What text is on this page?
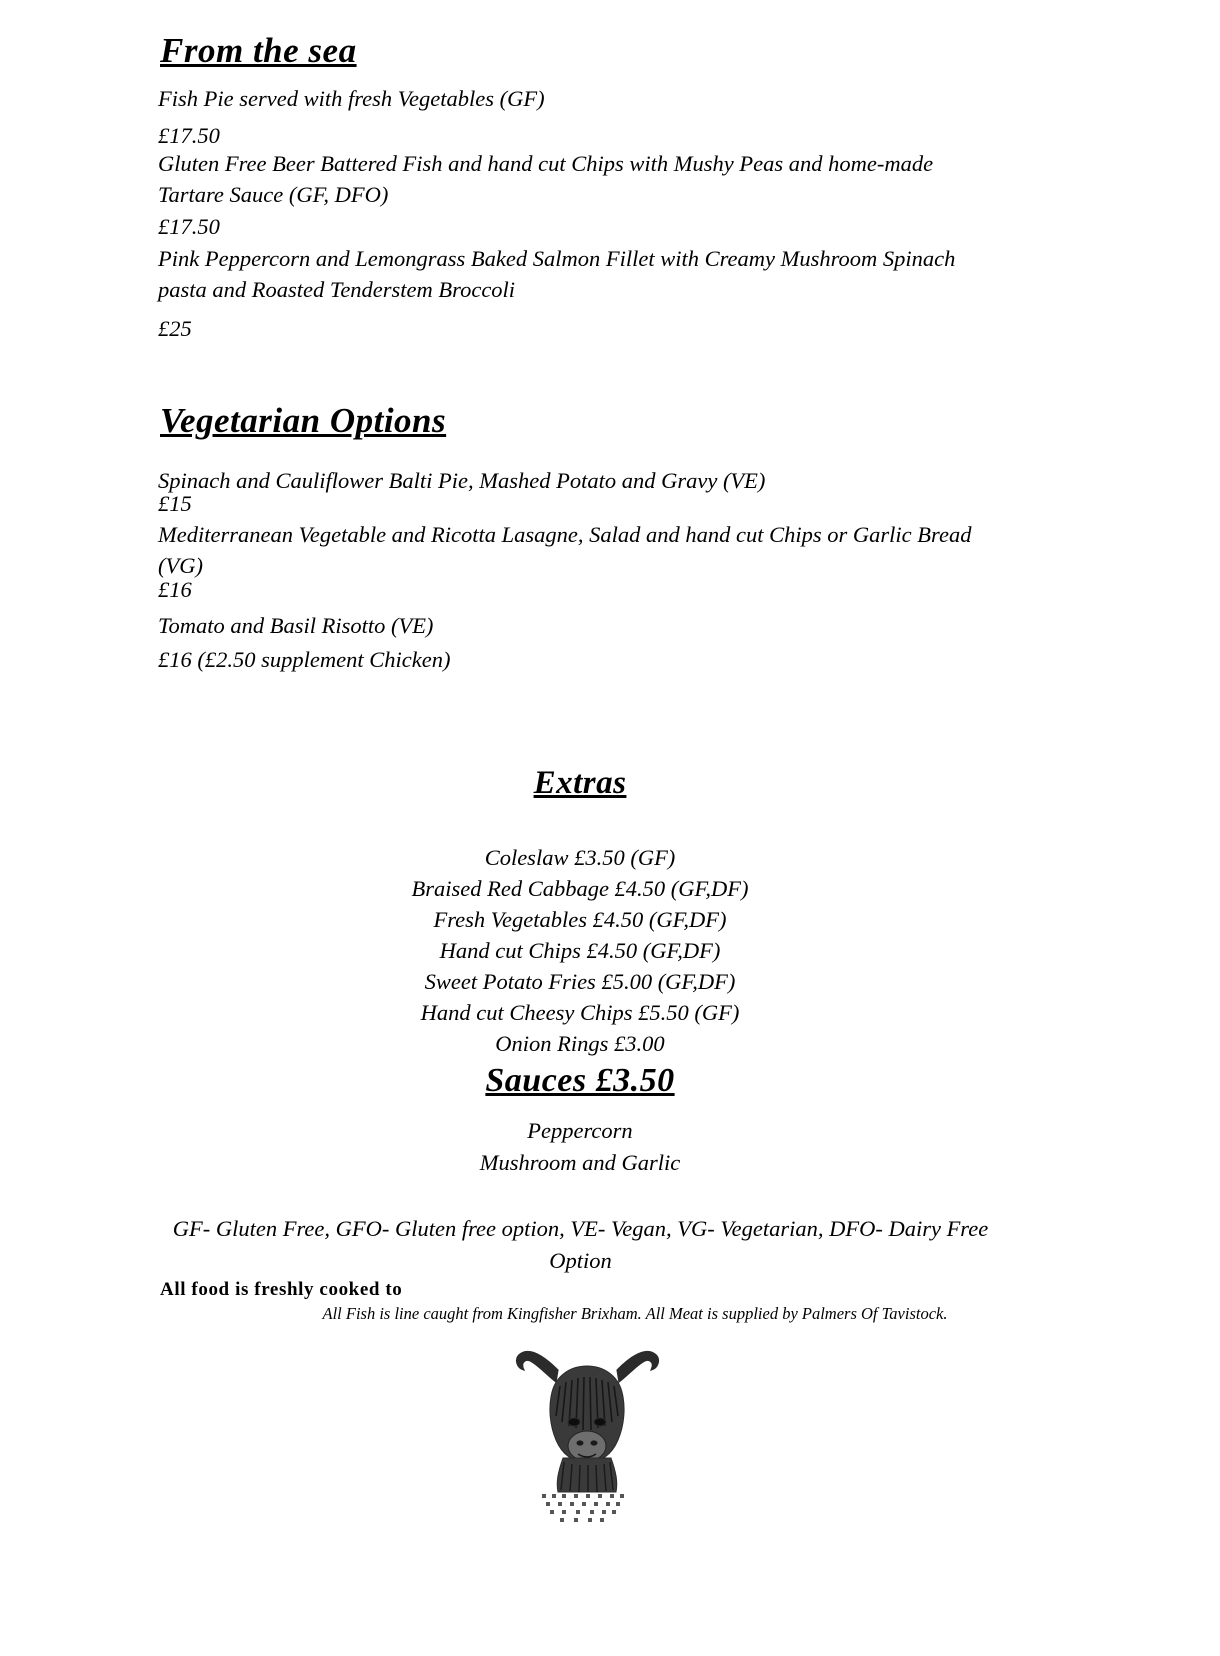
From the sea
Fish Pie served with fresh Vegetables (GF)
£17.50
Gluten Free Beer Battered Fish and hand cut Chips with Mushy Peas and home-made Tartare Sauce (GF, DFO)
£17.50
Pink Peppercorn and Lemongrass Baked Salmon Fillet with Creamy Mushroom Spinach pasta and Roasted Tenderstem Broccoli
£25
Vegetarian Options
Spinach and Cauliflower Balti Pie, Mashed Potato and Gravy (VE)
£15
Mediterranean Vegetable and Ricotta Lasagne, Salad and hand cut Chips or Garlic Bread (VG)
£16
Tomato and Basil Risotto (VE)
£16 (£2.50 supplement Chicken)
Extras
Coleslaw £3.50 (GF)
Braised Red Cabbage £4.50 (GF,DF)
Fresh Vegetables £4.50 (GF,DF)
Hand cut Chips £4.50 (GF,DF)
Sweet Potato Fries £5.00 (GF,DF)
Hand cut Cheesy Chips £5.50 (GF)
Onion Rings £3.00
Sauces £3.50
Peppercorn
Mushroom and Garlic
GF- Gluten Free, GFO- Gluten free option, VE- Vegan, VG- Vegetarian, DFO- Dairy Free Option
All food is freshly cooked to
All Fish is line caught from Kingfisher Brixham. All Meat is supplied by Palmers Of Tavistock.
